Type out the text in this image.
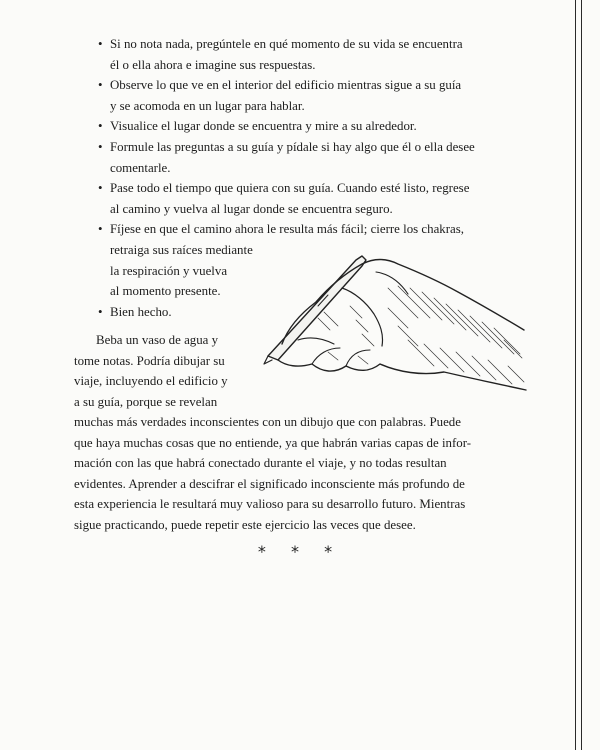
• Si no nota nada, pregúntele en qué momento de su vida se encuentra
él o ella ahora e imagine sus respuestas.
• Observe lo que ve en el interior del edificio mientras sigue a su guía
y se acomoda en un lugar para hablar.
• Visualice el lugar donde se encuentra y mire a su alrededor.
• Formule las preguntas a su guía y pídale si hay algo que él o ella desee
comentarle.
• Pase todo el tiempo que quiera con su guía. Cuando esté listo, regrese
al camino y vuelva al lugar donde se encuentra seguro.
• Fíjese en que el camino ahora le resulta más fácil; cierre los chakras,
retraiga sus raíces mediante
la respiración y vuelva
al momento presente.
• Bien hecho.

Beba un vaso de agua y
tome notas. Podría dibujar su
viaje, incluyendo el edificio y
a su guía, porque se revelan

muchas más verdades inconscientes con un dibujo que con palabras. Puede
que haya muchas cosas que no entiende, ya que habrán varias capas de infor-
mación con las que habrá conectado durante el viaje, y no todas resultan
evidentes. Aprender a descifrar el significado inconsciente más profundo de
esta experiencia le resultará muy valioso para su desarrollo futuro. Mientras
sigue practicando, puede repetir este ejercicio las veces que desee.

* * *
